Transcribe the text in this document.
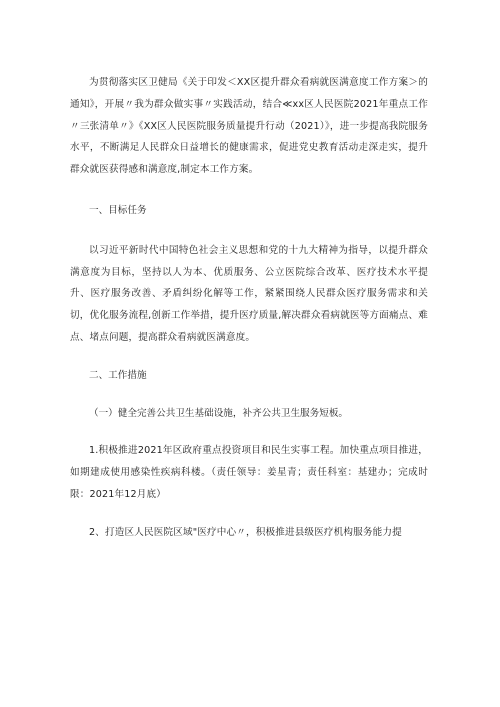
为贯彻落实区卫健局《关于印发＜XX区提升群众看病就医满意度工作方案＞的通知》，开展〃我为群众做实事〃实践活动，结合≪xx区人民医院2021年重点工作〃三张清单〃》《XX区人民医院服务质量提升行动（2021）》，进一步提高我院服务水平，不断满足人民群众日益增长的健康需求，促进党史教育活动走深走实，提升群众就医获得感和满意度,制定本工作方案。

一、目标任务

以习近平新时代中国特色社会主义思想和党的十九大精神为指导，以提升群众满意度为目标，坚持以人为本、优质服务、公立医院综合改革、医疗技术水平提升、医疗服务改善、矛盾纠纷化解等工作，紧紧围绕人民群众医疗服务需求和关切，优化服务流程,创新工作举措，提升医疗质量,解决群众看病就医等方面痛点、难点、堵点问题，提高群众看病就医满意度。

二、工作措施

（一）健全完善公共卫生基础设施，补齐公共卫生服务短板。

1.积极推进2021年区政府重点投资项目和民生实事工程。加快重点项目推进，如期建成使用感染性疾病科楼。（责任领导：姜星青；责任科室：基建办；完成时限：2021年12月底）

2、打造区人民医院区域"医疗中心〃，积极推进县级医疗机构服务能力提
